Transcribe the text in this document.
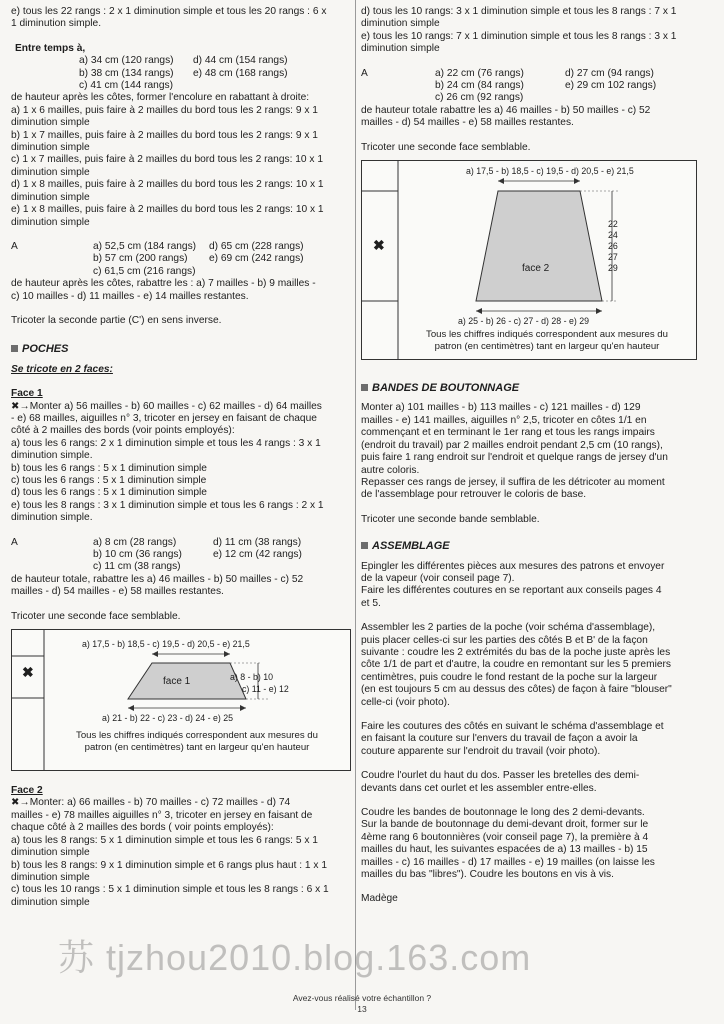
e) tous les 22 rangs : 2 x 1 diminution simple et tous les 20 rangs : 6 x

1 diminution simple.

Entre temps à,

a) 34 cm (120 rangs)	d) 44 cm (154 rangs)
b) 38 cm (134 rangs)	e) 48 cm (168 rangs)
c) 41 cm (144 rangs)

de hauteur après les côtes, former l'encolure en rabattant à droite:

a) 1 x 6 mailles, puis faire à 2 mailles du bord tous les 2 rangs: 9 x 1

diminution simple

b) 1 x 7 mailles, puis faire à 2 mailles du bord tous les 2 rangs: 9 x 1

diminution simple

c) 1 x 7 mailles, puis faire à 2 mailles du bord tous les 2 rangs: 10 x 1

diminution simple

d) 1 x 8 mailles, puis faire à 2 mailles du bord tous les 2 rangs: 10 x 1

diminution simple

e) 1 x 8 mailles, puis faire à 2 mailles du bord tous les 2 rangs: 10 x 1

diminution simple

A	a) 52,5 cm (184 rangs)	d) 65 cm (228 rangs)
b) 57 cm (200 rangs)	e) 69 cm (242 rangs)
c) 61,5 cm (216 rangs)

de hauteur après les côtes, rabattre les : a) 7 mailles - b) 9 mailles -

c) 10 mailles - d) 11 mailles - e) 14 mailles restantes.

Tricoter la seconde partie (C') en sens inverse.

POCHES

Se tricote en 2 faces:

Face 1

✖→Monter a) 56 mailles - b) 60 mailles - c) 62 mailles - d) 64 mailles

- e) 68 mailles, aiguilles n° 3, tricoter en jersey en faisant de chaque

côté à 2 mailles des bords (voir points employés):

a) tous les 6 rangs: 2 x 1 diminution simple et tous les 4 rangs : 3 x 1

diminution simple.

b) tous les 6 rangs : 5 x 1 diminution simple

c) tous les 6 rangs : 5 x 1 diminution simple

d) tous les 6 rangs : 5 x 1 diminution simple

e) tous les 8 rangs : 3 x 1 diminution simple et tous les 6 rangs : 2 x 1

diminution simple.

A	a) 8 cm (28 rangs)	d) 11 cm (38 rangs)
b) 10 cm (36 rangs)	e) 12 cm (42 rangs)
c) 11 cm (38 rangs)

de hauteur totale, rabattre les a) 46 mailles - b) 50 mailles - c) 52

mailles - d) 54 mailles - e) 58 mailles restantes.

Tricoter une seconde face semblable.

✖
a) 17,5 - b) 18,5 - c) 19,5 - d) 20,5 - e) 21,5
face 1	a) 8 - b) 10
c) 11 - e) 12
a) 21 - b) 22 - c) 23 - d) 24 - e) 25

Tous les chiffres indiqués correspondent aux mesures du

patron (en centimètres) tant en largeur qu'en hauteur

Face 2

✖→Monter: a) 66 mailles - b) 70 mailles - c) 72 mailles - d) 74

mailles - e) 78 mailles aiguilles n° 3, tricoter en jersey en faisant de

chaque côté à 2 mailles des bords ( voir points employés):

a) tous les 8 rangs: 5 x 1 diminution simple et tous les 6 rangs: 5 x 1

diminution simple

b) tous les 8 rangs: 9 x 1 diminution simple et 6 rangs plus haut : 1 x 1

diminution simple

c) tous les 10 rangs : 5 x 1 diminution simple et tous les 8 rangs : 6 x 1

diminution simple

d) tous les 10 rangs: 3 x 1 diminution simple et tous les 8 rangs : 7 x 1

diminution simple

e) tous les 10 rangs: 7 x 1 diminution simple et tous les 8 rangs : 3 x 1

diminution simple

A	a) 22 cm (76 rangs)	d) 27 cm (94 rangs)
b) 24 cm (84 rangs)	e) 29 cm 102 rangs)
c) 26 cm (92 rangs)

de hauteur totale rabattre les a) 46 mailles - b) 50 mailles - c) 52

mailles - d) 54 mailles - e) 58 mailles restantes.

Tricoter une seconde face semblable.

✖
a) 17,5 - b) 18,5 - c) 19,5 - d) 20,5 - e) 21,5
face 2

22

24

26

27

29

a) 25 - b) 26 - c) 27 - d) 28 - e) 29

Tous les chiffres indiqués correspondent aux mesures du

patron (en centimètres) tant en largeur qu'en hauteur

BANDES DE BOUTONNAGE

Monter a) 101 mailles - b) 113 mailles - c) 121 mailles - d) 129

mailles - e) 141 mailles, aiguilles n° 2,5, tricoter en côtes 1/1 en

commençant et en terminant le 1er rang et tous les rangs impairs

(endroit du travail) par 2 mailles endroit pendant 2,5 cm (10 rangs),

puis faire 1 rang endroit sur l'endroit et quelque rangs de jersey d'un

autre coloris.

Repasser ces rangs de jersey, il suffira de les détricoter au moment

de l'assemblage pour retrouver le coloris de base.

Tricoter une seconde bande semblable.

ASSEMBLAGE

Epingler les différentes pièces aux mesures des patrons et envoyer

de la vapeur (voir conseil page 7).

Faire les différentes coutures en se reportant aux conseils pages 4

et 5.

Assembler les 2 parties de la poche (voir schéma d'assemblage),

puis placer celles-ci sur les parties des côtés B et B' de la façon

suivante : coudre les 2 extrémités du bas de la poche juste après les

côte 1/1 de part et d'autre, la coudre en remontant sur les 5 premiers

centimètres, puis coudre le fond restant de la poche sur la largeur

(en est toujours 5 cm au dessus des côtes) de façon à faire "blouser"

celle-ci (voir photo).

Faire les coutures des côtés en suivant le schéma d'assemblage et

en faisant la couture sur l'envers du travail de façon a avoir la

couture apparente sur l'endroit du travail (voir photo).

Coudre l'ourlet du haut du dos. Passer les bretelles des demi-

devants dans cet ourlet et les assembler entre-elles.

Coudre les bandes de boutonnage le long des 2 demi-devants.

Sur la bande de boutonnage du demi-devant droit, former sur le

4ème rang 6 boutonnières (voir conseil page 7), la première à 4

mailles du haut, les suivantes espacées de a) 13 mailles - b) 15

mailles - c) 16 mailles - d) 17 mailles - e) 19 mailles (on laisse les

mailles du bas "libres"). Coudre les boutons en vis à vis.

Madège

苏 tjzhou2010.blog.163.com
Avez-vous réalisé votre échantillon ?
13
